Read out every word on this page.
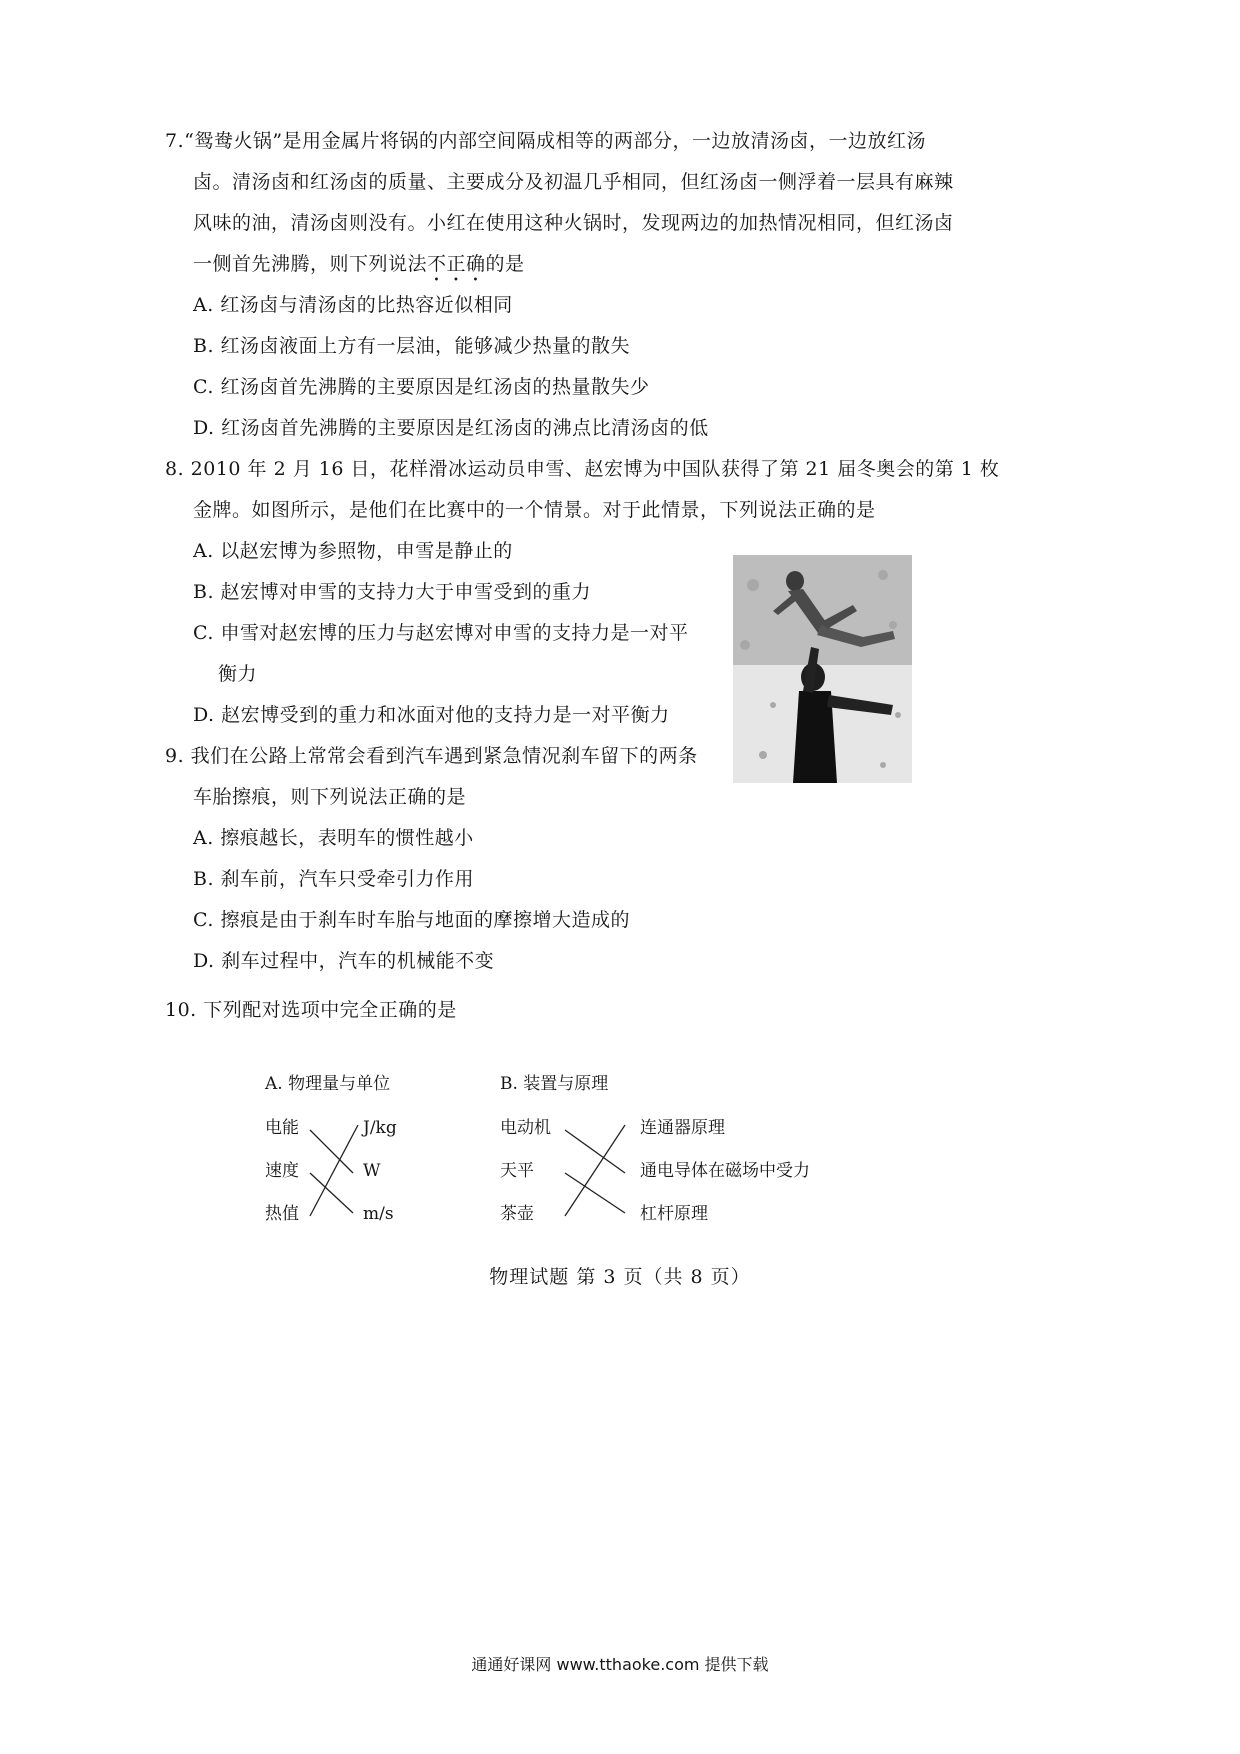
7.“鸳鸯火锅”是用金属片将锅的内部空间隔成相等的两部分，一边放清汤卤，一边放红汤
卤。清汤卤和红汤卤的质量、主要成分及初温几乎相同，但红汤卤一侧浮着一层具有麻辣
风味的油，清汤卤则没有。小红在使用这种火锅时，发现两边的加热情况相同，但红汤卤
一侧首先沸腾，则下列说法不正确的是
A. 红汤卤与清汤卤的比热容近似相同
B. 红汤卤液面上方有一层油，能够减少热量的散失
C. 红汤卤首先沸腾的主要原因是红汤卤的热量散失少
D. 红汤卤首先沸腾的主要原因是红汤卤的沸点比清汤卤的低
8. 2010 年 2 月 16 日，花样滑冰运动员申雪、赵宏博为中国队获得了第 21 届冬奥会的第 1 枚
金牌。如图所示，是他们在比赛中的一个情景。对于此情景，下列说法正确的是
A. 以赵宏博为参照物，申雪是静止的
B. 赵宏博对申雪的支持力大于申雪受到的重力
C. 申雪对赵宏博的压力与赵宏博对申雪的支持力是一对平
衡力
D. 赵宏博受到的重力和冰面对他的支持力是一对平衡力
9. 我们在公路上常常会看到汽车遇到紧急情况刹车留下的两条
车胎擦痕，则下列说法正确的是
A. 擦痕越长，表明车的惯性越小
B. 刹车前，汽车只受牵引力作用
C. 擦痕是由于刹车时车胎与地面的摩擦增大造成的
D. 刹车过程中，汽车的机械能不变
10. 下列配对选项中完全正确的是
A. 物理量与单位
电能
速度
热值
J/kg
W
m/s
B. 装置与原理
电动机
天平
茶壶
连通器原理
通电导体在磁场中受力
杠杆原理
物理试题 第 3 页（共 8 页）
通通好课网 www.tthaoke.com 提供下载
